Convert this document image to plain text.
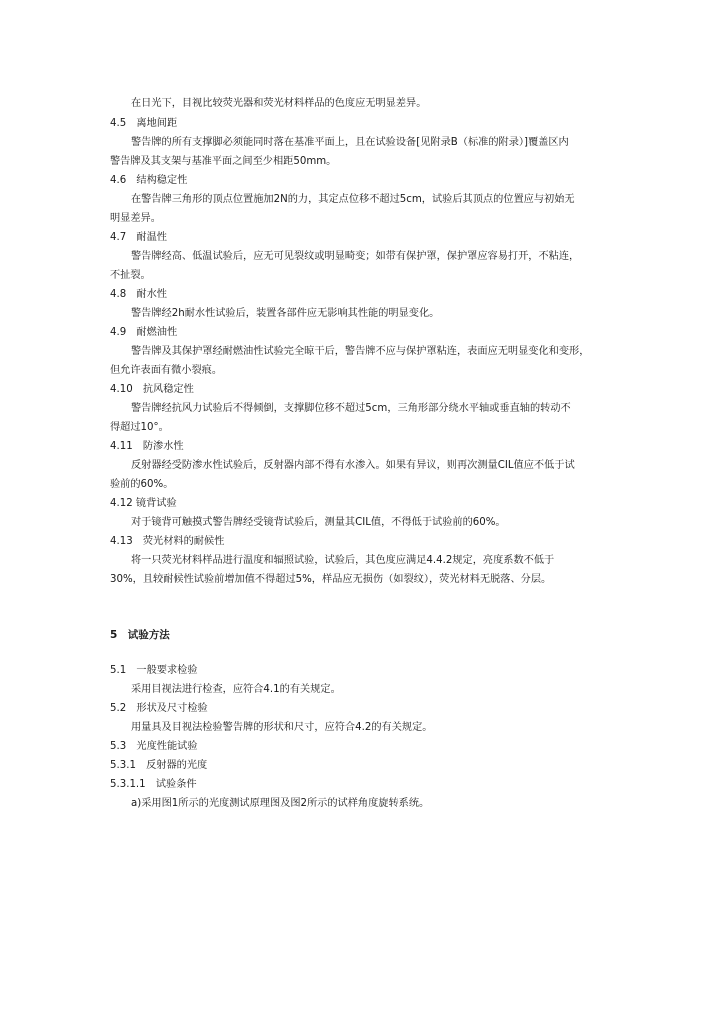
在日光下，目视比较荧光器和荧光材料样品的色度应无明显差异。
4.5　离地间距
警告牌的所有支撑脚必须能同时落在基准平面上，且在试验设备[见附录B（标准的附录）]覆盖区内
警告牌及其支架与基准平面之间至少相距50mm。
4.6　结构稳定性
在警告牌三角形的顶点位置施加2N的力，其定点位移不超过5cm，试验后其顶点的位置应与初始无
明显差异。
4.7　耐温性
警告牌经高、低温试验后，应无可见裂纹或明显畸变；如带有保护罩，保护罩应容易打开，不粘连，
不扯裂。
4.8　耐水性
警告牌经2h耐水性试验后，装置各部件应无影响其性能的明显变化。
4.9　耐燃油性
警告牌及其保护罩经耐燃油性试验完全晾干后，警告牌不应与保护罩粘连，表面应无明显变化和变形，
但允许表面有微小裂痕。
4.10　抗风稳定性
警告牌经抗风力试验后不得倾倒，支撑脚位移不超过5cm，三角形部分绕水平轴或垂直轴的转动不
得超过10°。
4.11　防渗水性
反射器经受防渗水性试验后，反射器内部不得有水渗入。如果有异议，则再次测量CIL值应不低于试
验前的60%。
4.12 镜背试验
对于镜背可触摸式警告牌经受镜背试验后，测量其CIL值，不得低于试验前的60%。
4.13　荧光材料的耐候性
将一只荧光材料样品进行温度和辐照试验，试验后，其色度应满足4.4.2规定，亮度系数不低于
30%，且较耐候性试验前增加值不得超过5%，样品应无损伤（如裂纹），荧光材料无脱落、分层。
5　试验方法
5.1　一般要求检验
采用目视法进行检查，应符合4.1的有关规定。
5.2　形状及尺寸检验
用量具及目视法检验警告牌的形状和尺寸，应符合4.2的有关规定。
5.3　光度性能试验
5.3.1　反射器的光度
5.3.1.1　试验条件
a)采用图1所示的光度测试原理图及图2所示的试样角度旋转系统。
